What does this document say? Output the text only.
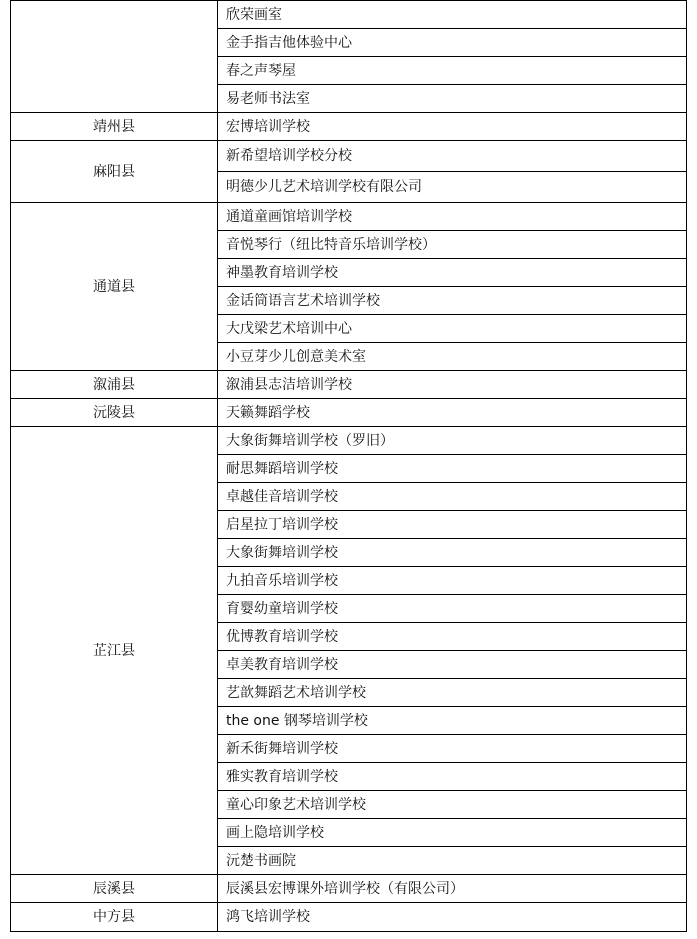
	欣荣画室
	金手指吉他体验中心
	春之声琴屋
	易老师书法室
靖州县	宏博培训学校
麻阳县	新希望培训学校分校
	明德少儿艺术培训学校有限公司
通道县	通道童画馆培训学校
	音悦琴行（纽比特音乐培训学校）
	神墨教育培训学校
	金话筒语言艺术培训学校
	大戊梁艺术培训中心
	小豆芽少儿创意美术室
溆浦县	溆浦县志洁培训学校
沅陵县	天籁舞蹈学校
芷江县	大象街舞培训学校（罗旧）
	耐思舞蹈培训学校
	卓越佳音培训学校
	启星拉丁培训学校
	大象街舞培训学校
	九拍音乐培训学校
	育婴幼童培训学校
	优博教育培训学校
	卓美教育培训学校
	艺歆舞蹈艺术培训学校
	the one 钢琴培训学校
	新禾街舞培训学校
	雅实教育培训学校
	童心印象艺术培训学校
	画上隐培训学校
	沅楚书画院
辰溪县	辰溪县宏博课外培训学校（有限公司）
中方县	鸿飞培训学校
